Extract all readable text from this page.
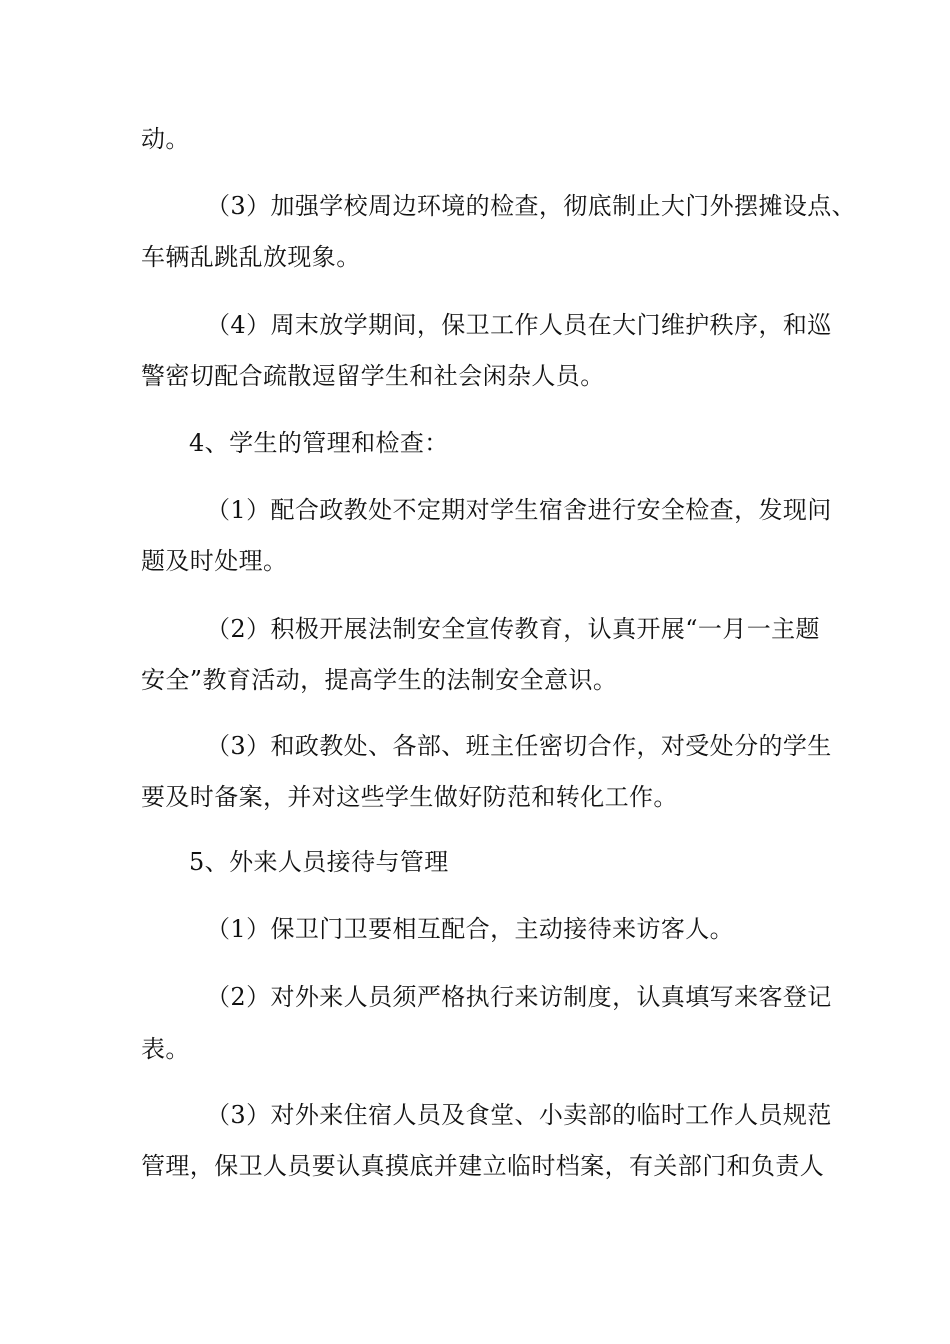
动。
（3）加强学校周边环境的检查，彻底制止大门外摆摊设点、
车辆乱跳乱放现象。
（4）周末放学期间，保卫工作人员在大门维护秩序，和巡
警密切配合疏散逗留学生和社会闲杂人员。
4、学生的管理和检查：
（1）配合政教处不定期对学生宿舍进行安全检查，发现问
题及时处理。
（2）积极开展法制安全宣传教育，认真开展“一月一主题
安全”教育活动，提高学生的法制安全意识。
（3）和政教处、各部、班主任密切合作，对受处分的学生
要及时备案，并对这些学生做好防范和转化工作。
5、外来人员接待与管理
（1）保卫门卫要相互配合，主动接待来访客人。
（2）对外来人员须严格执行来访制度，认真填写来客登记
表。
（3）对外来住宿人员及食堂、小卖部的临时工作人员规范
管理，保卫人员要认真摸底并建立临时档案，有关部门和负责人
